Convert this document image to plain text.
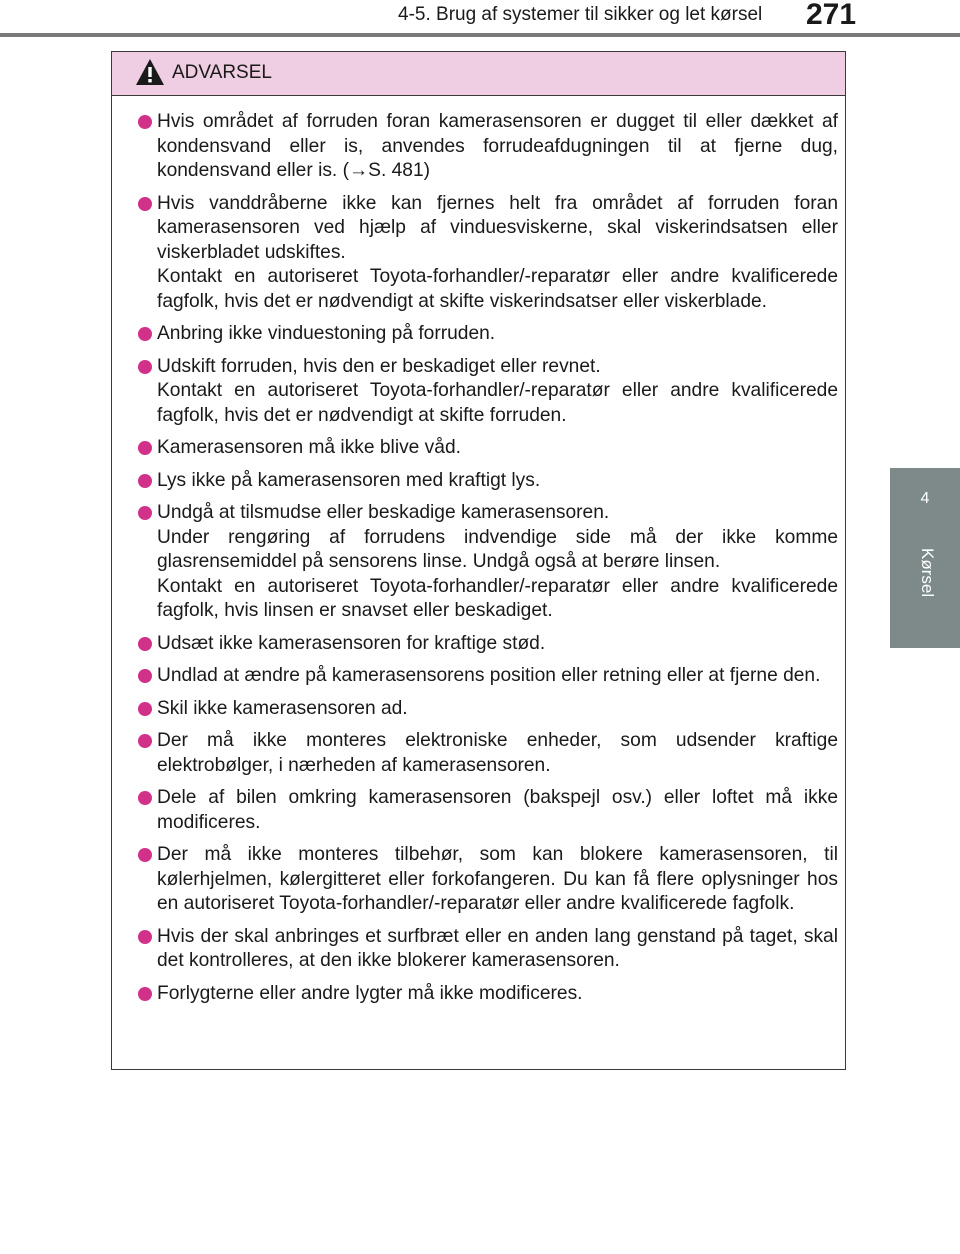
4-5. Brug af systemer til sikker og let kørsel	271
4
Kørsel
ADVARSEL
Hvis området af forruden foran kamerasensoren er dugget til eller dækket af kondensvand eller is, anvendes forrudeafdugningen til at fjerne dug, kondensvand eller is. (→S. 481)
Hvis vanddråberne ikke kan fjernes helt fra området af forruden foran kamerasensoren ved hjælp af vinduesviskerne, skal viskerindsatsen eller viskerbladet udskiftes.
Kontakt en autoriseret Toyota-forhandler/-reparatør eller andre kvalificerede fagfolk, hvis det er nødvendigt at skifte viskerindsatser eller viskerblade.
Anbring ikke vinduestoning på forruden.
Udskift forruden, hvis den er beskadiget eller revnet.
Kontakt en autoriseret Toyota-forhandler/-reparatør eller andre kvalificerede fagfolk, hvis det er nødvendigt at skifte forruden.
Kamerasensoren må ikke blive våd.
Lys ikke på kamerasensoren med kraftigt lys.
Undgå at tilsmudse eller beskadige kamerasensoren.
Under rengøring af forrudens indvendige side må der ikke komme glasrensemiddel på sensorens linse. Undgå også at berøre linsen.
Kontakt en autoriseret Toyota-forhandler/-reparatør eller andre kvalificerede fagfolk, hvis linsen er snavset eller beskadiget.
Udsæt ikke kamerasensoren for kraftige stød.
Undlad at ændre på kamerasensorens position eller retning eller at fjerne den.
Skil ikke kamerasensoren ad.
Der må ikke monteres elektroniske enheder, som udsender kraftige elektrobølger, i nærheden af kamerasensoren.
Dele af bilen omkring kamerasensoren (bakspejl osv.) eller loftet må ikke modificeres.
Der må ikke monteres tilbehør, som kan blokere kamerasensoren, til kølerhjelmen, kølergitteret eller forkofangeren. Du kan få flere oplysninger hos en autoriseret Toyota-forhandler/-reparatør eller andre kvalificerede fagfolk.
Hvis der skal anbringes et surfbræt eller en anden lang genstand på taget, skal det kontrolleres, at den ikke blokerer kamerasensoren.
Forlygterne eller andre lygter må ikke modificeres.
